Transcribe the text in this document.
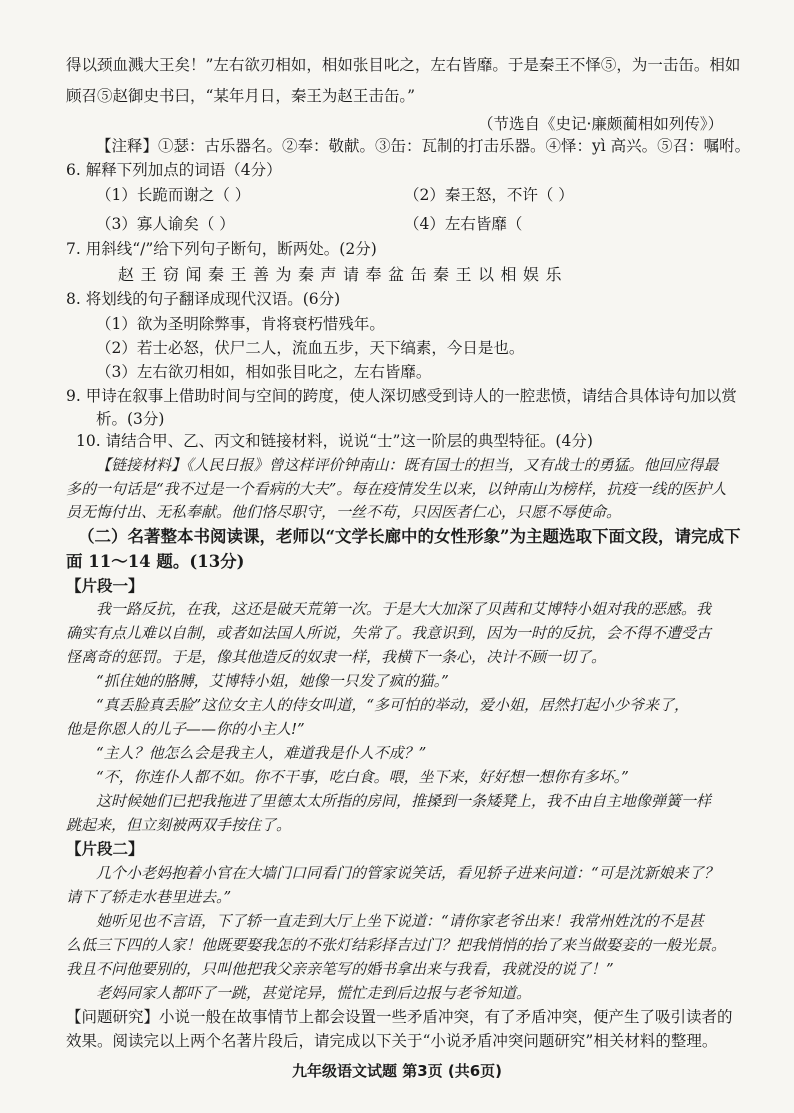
得以颈血溅大王矣！”左右欲刃相如，相如张目叱之，左右皆靡。于是秦王不怿⑤，为一击缶。相如
顾召⑤赵御史书曰，“某年月日，秦王为赵王击缶。”
（节选自《史记·廉颇蔺相如列传》）
【注释】①瑟：古乐器名。②奉：敬献。③缶：瓦制的打击乐器。④怿：yì 高兴。⑤召：嘱咐。
6. 解释下列加点的词语（4分）
（1）长跪而谢之（ ）	（2）秦王怒，不许（ ）
（3）寡人谕矣（ ）	（4）左右皆靡（
7. 用斜线“/”给下列句子断句，断两处。(2分)
赵王窃闻秦王善为秦声请奉盆缶秦王以相娱乐
8. 将划线的句子翻译成现代汉语。(6分)
（1）欲为圣明除弊事，肯将衰朽惜残年。
（2）若士必怒，伏尸二人，流血五步，天下缟素，今日是也。
（3）左右欲刃相如，相如张目叱之，左右皆靡。
9. 甲诗在叙事上借助时间与空间的跨度，使人深切感受到诗人的一腔悲愤，请结合具体诗句加以赏
析。(3分)
10. 请结合甲、乙、丙文和链接材料，说说“士”这一阶层的典型特征。(4分)
【链接材料】《人民日报》曾这样评价钟南山：既有国士的担当，又有战士的勇猛。他回应得最
多的一句话是“我不过是一个看病的大夫”。每在疫情发生以来，以钟南山为榜样，抗疫一线的医护人
员无悔付出、无私奉献。他们恪尽职守，一丝不苟，只因医者仁心，只愿不辱使命。
（二）名著整本书阅读课，老师以“文学长廊中的女性形象”为主题选取下面文段，请完成下
面 11～14 题。(13分)
【片段一】
我一路反抗，在我，这还是破天荒第一次。于是大大加深了贝茜和艾博特小姐对我的恶感。我
确实有点儿难以自制，或者如法国人所说，失常了。我意识到，因为一时的反抗，会不得不遭受古
怪离奇的惩罚。于是，像其他造反的奴隶一样，我横下一条心，决计不顾一切了。
“抓住她的胳膊，艾博特小姐，她像一只发了疯的猫。”
“真丢脸真丢脸”这位女主人的侍女叫道，“多可怕的举动，爱小姐，居然打起小少爷来了，
他是你恩人的儿子——你的小主人!”
“主人？他怎么会是我主人，难道我是仆人不成？”
“不，你连仆人都不如。你不干事，吃白食。喂，坐下来，好好想一想你有多坏。”
这时候她们已把我拖进了里德太太所指的房间，推搡到一条矮凳上，我不由自主地像弹簧一样
跳起来，但立刻被两双手按住了。
【片段二】
几个小老妈抱着小官在大墙门口同看门的管家说笑话，看见轿子进来问道：“可是沈新娘来了？
请下了轿走水巷里进去。”
她听见也不言语，下了轿一直走到大厅上坐下说道：“请你家老爷出来！我常州姓沈的不是甚
么低三下四的人家！他既要娶我怎的不张灯结彩择吉过门？把我悄悄的抬了来当做娶妾的一般光景。
我且不问他要别的，只叫他把我父亲亲笔写的婚书拿出来与我看，我就没的说了！”
老妈同家人都吓了一跳，甚觉诧异，慌忙走到后边报与老爷知道。
【问题研究】小说一般在故事情节上都会设置一些矛盾冲突，有了矛盾冲突，便产生了吸引读者的
效果。阅读完以上两个名著片段后，请完成以下关于“小说矛盾冲突问题研究”相关材料的整理。
九年级语文试题 第3页 (共6页)
